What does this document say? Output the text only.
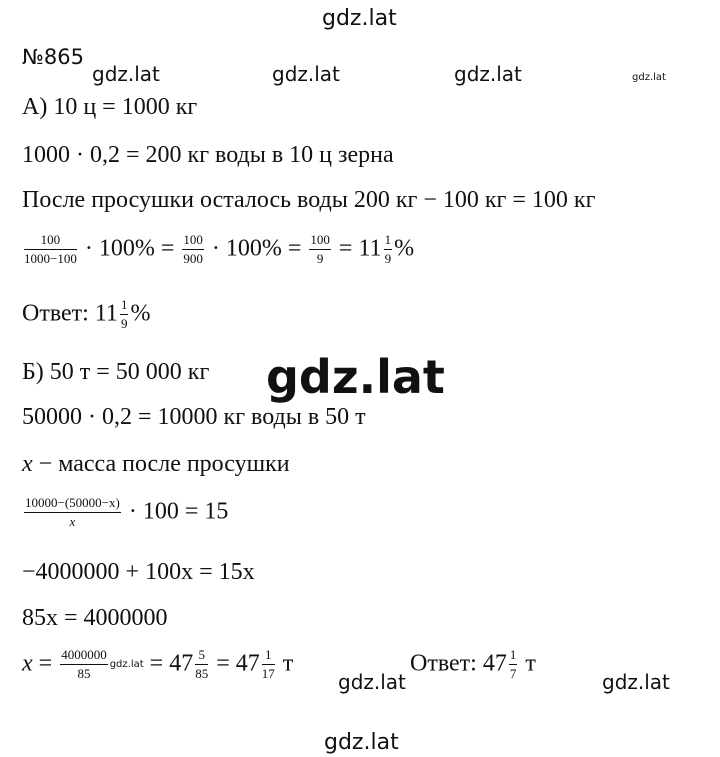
gdz.lat
gdz.lat	gdz.lat	gdz.lat	gdz.lat
gdz.lat
№865
А) 10 ц = 1000 кг
1000 · 0,2 = 200 кг воды в 10 ц зерна
После просушки осталось воды 200 кг − 100 кг = 100 кг
$\frac{100}{1000-100} \cdot 100\% = \frac{100}{900} \cdot 100\% = \frac{100}{9} = 11 \frac{1}{9}$ %
Ответ: $11 \frac{1}{9}$ %
Б) 50 т = 50 000 кг
50000 · 0,2 = 10000 кг воды в 50 т
x − масса после просушки
$\frac{10000-(50000-x)}{x} \cdot 100 = 15$
−4000000 + 100x = 15x
85x = 4000000
$x = \frac{4000000}{85} gdz.lat = 47 \frac{5}{85} = 47 \frac{1}{17}$ т
gdz.lat
Ответ: $47 \frac{1}{7}$ т
gdz.lat
gdz.lat
